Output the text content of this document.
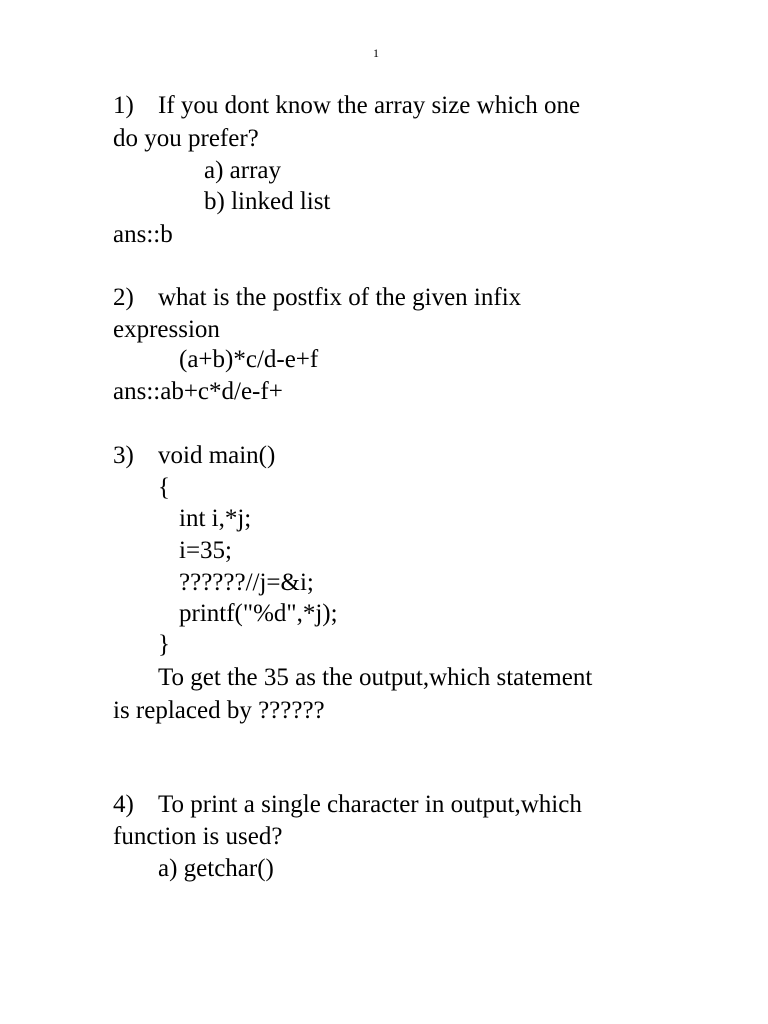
1
1) If you dont know the array size which one
do you prefer?
a) array
b) linked list
ans::b
2) what is the postfix of the given infix
expression
(a+b)*c/d-e+f
ans::ab+c*d/e-f+
3) void main()
{
int i,*j;
i=35;
??????//j=&i;
printf("%d",*j);
}
To get the 35 as the output,which statement
is replaced by ??????
4) To print a single character in output,which
function is used?
a) getchar()
